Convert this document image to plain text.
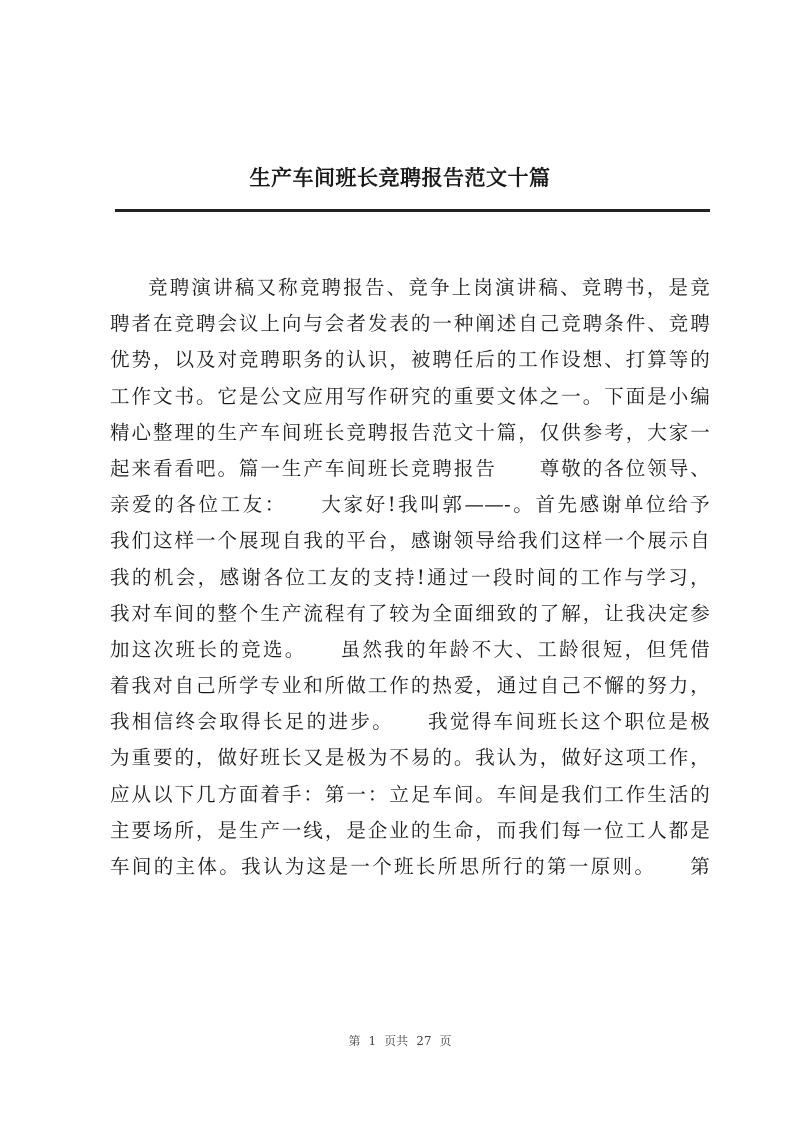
生产车间班长竞聘报告范文十篇
竞聘演讲稿又称竞聘报告、竞争上岗演讲稿、竞聘书，是竞
聘者在竞聘会议上向与会者发表的一种阐述自己竞聘条件、竞聘
优势，以及对竞聘职务的认识，被聘任后的工作设想、打算等的
工作文书。它是公文应用写作研究的重要文体之一。下面是小编
精心整理的生产车间班长竞聘报告范文十篇，仅供参考，大家一
起来看看吧。篇一生产车间班长竞聘报告　　尊敬的各位领导、
亲爱的各位工友：　　大家好!我叫郭——-。首先感谢单位给予
我们这样一个展现自我的平台，感谢领导给我们这样一个展示自
我的机会，感谢各位工友的支持!通过一段时间的工作与学习，
我对车间的整个生产流程有了较为全面细致的了解，让我决定参
加这次班长的竞选。　　虽然我的年龄不大、工龄很短，但凭借
着我对自己所学专业和所做工作的热爱，通过自己不懈的努力，
我相信终会取得长足的进步。　　我觉得车间班长这个职位是极
为重要的，做好班长又是极为不易的。我认为，做好这项工作，
应从以下几方面着手：第一：立足车间。车间是我们工作生活的
主要场所，是生产一线，是企业的生命，而我们每一位工人都是
车间的主体。我认为这是一个班长所思所行的第一原则。　　第
第 1 页共 27 页
